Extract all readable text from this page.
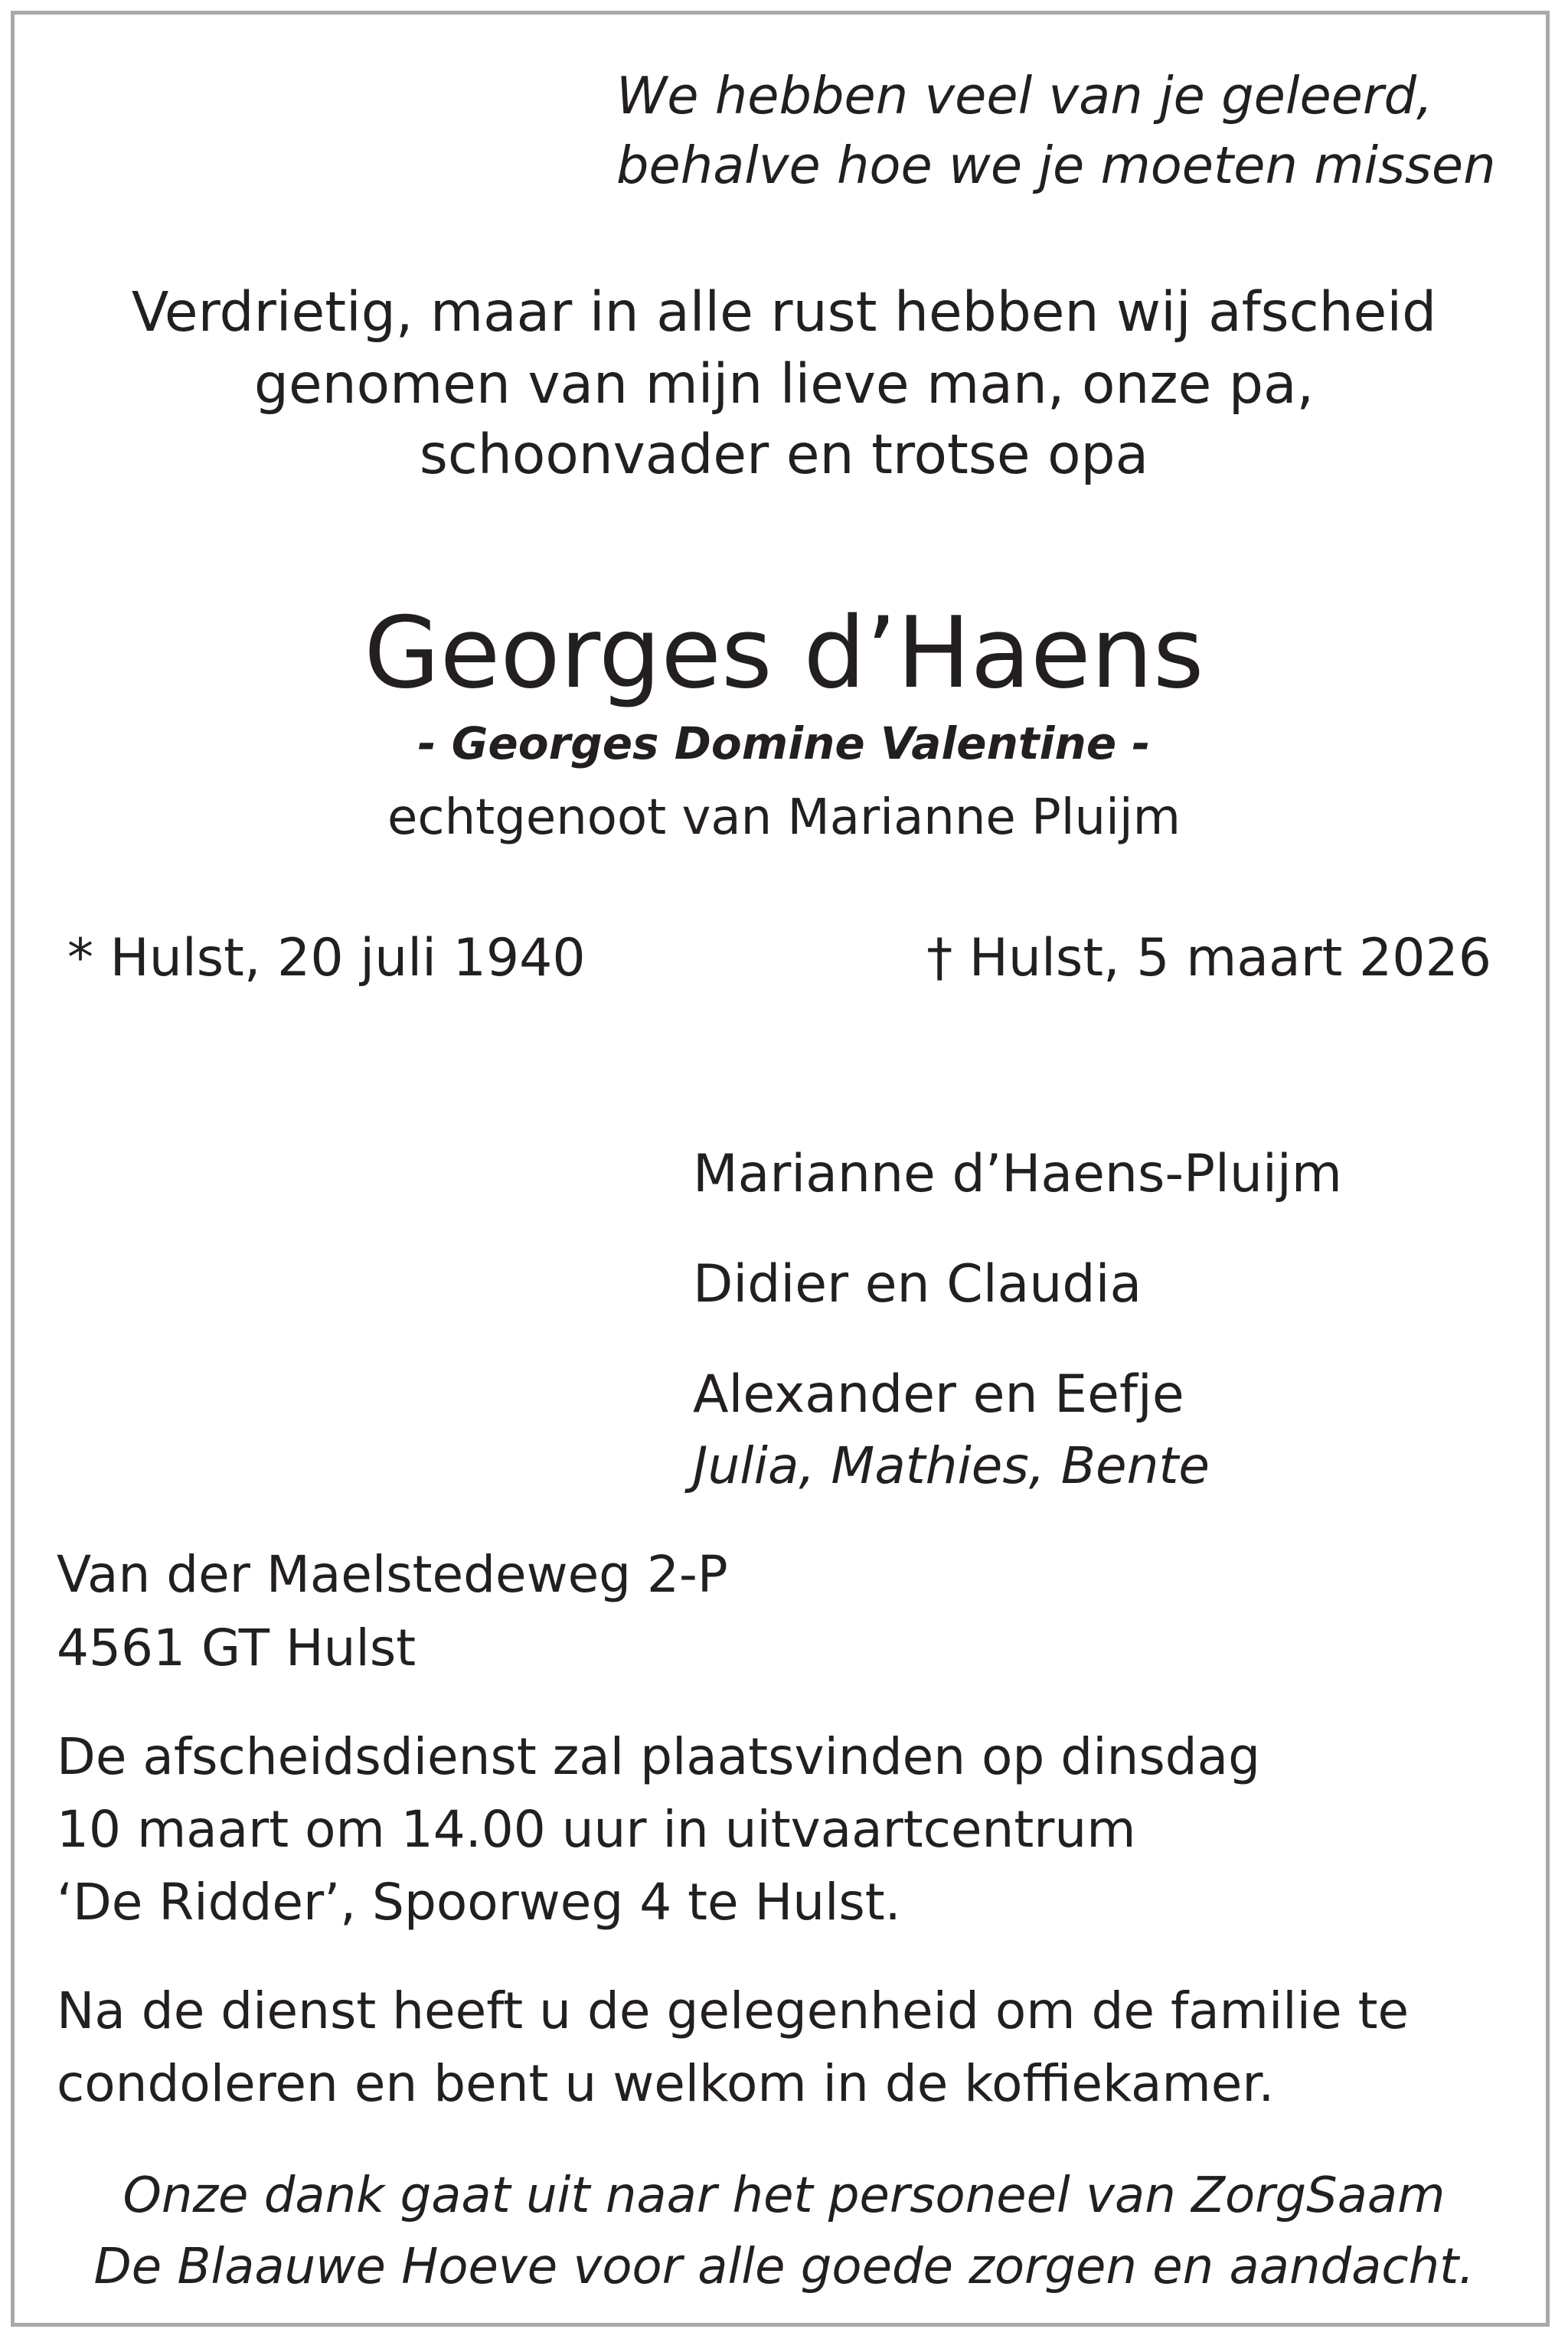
We hebben veel van je geleerd,
behalve hoe we je moeten missen
Verdrietig, maar in alle rust hebben wij afscheid
genomen van mijn lieve man, onze pa,
schoonvader en trotse opa
Georges d’Haens
- Georges Domine Valentine -
echtgenoot van Marianne Pluijm
* Hulst, 20 juli 1940	† Hulst, 5 maart 2026
Marianne d’Haens-Pluijm
Didier en Claudia
Alexander en Eefje
Julia, Mathies, Bente
Van der Maelstedeweg 2-P
4561 GT Hulst
De afscheidsdienst zal plaatsvinden op dinsdag
10 maart om 14.00 uur in uitvaartcentrum
‘De Ridder’, Spoorweg 4 te Hulst.
Na de dienst heeft u de gelegenheid om de familie te
condoleren en bent u welkom in de koffiekamer.
Onze dank gaat uit naar het personeel van ZorgSaam
De Blaauwe Hoeve voor alle goede zorgen en aandacht.
